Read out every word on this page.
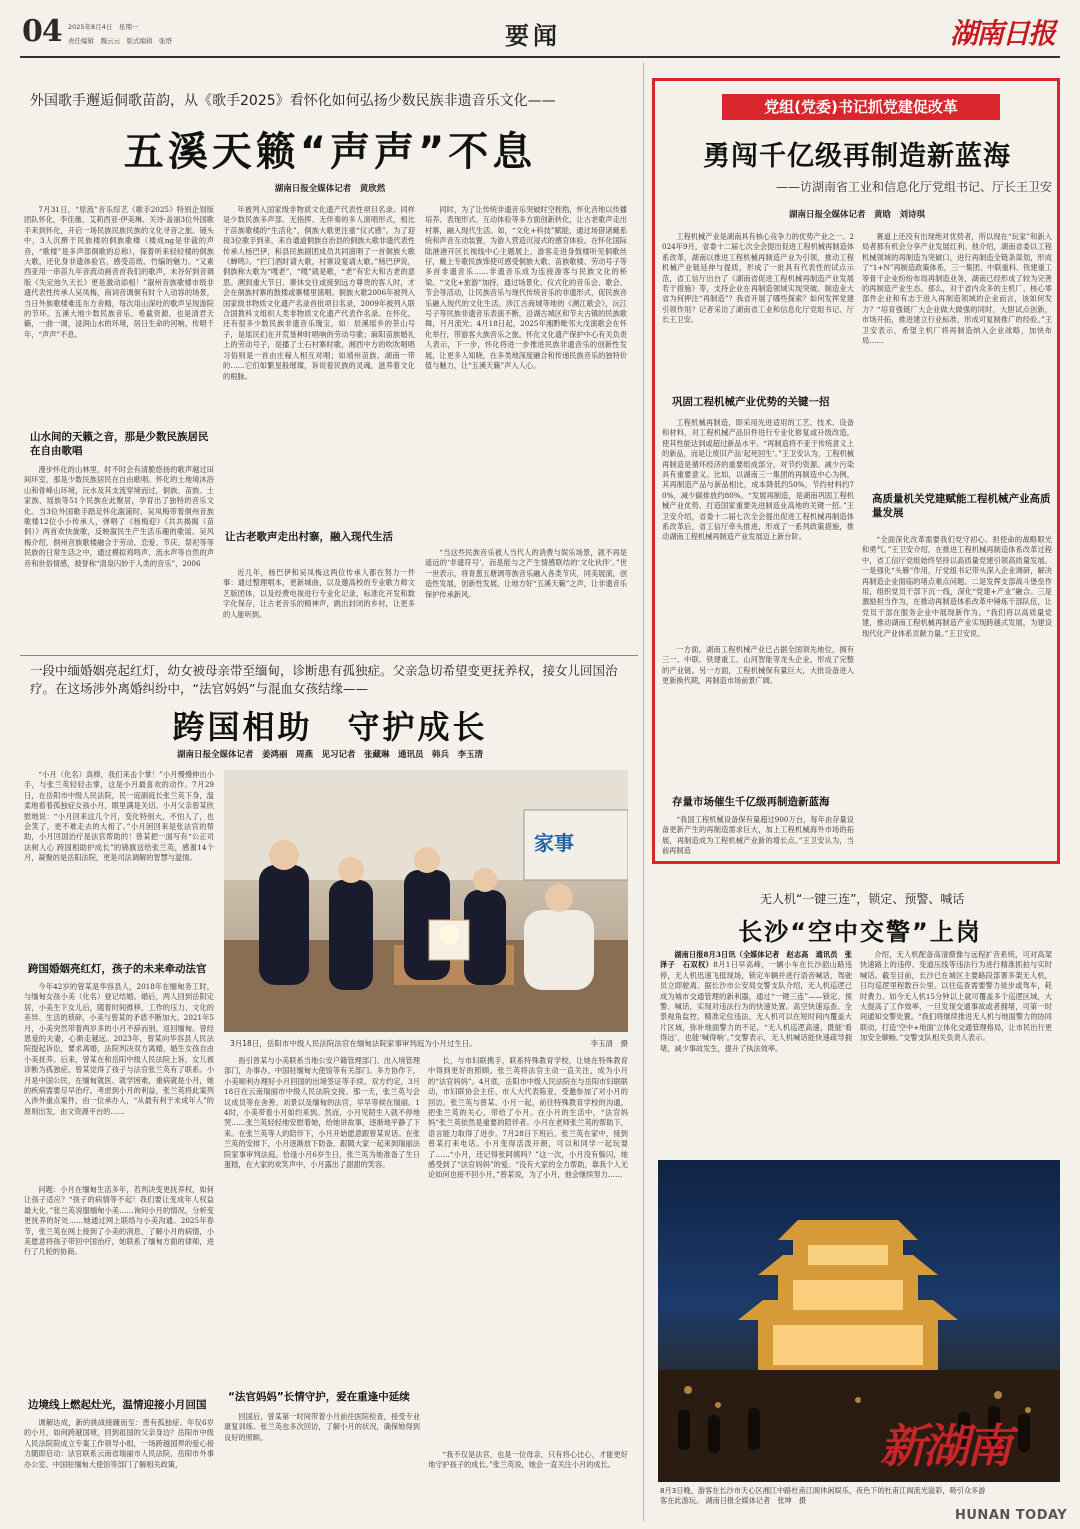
04 2025年8月4日　星期一
责任编辑　魏云云　版式编辑　张塔	要闻	湖南日报
外国歌手邂逅侗歌苗韵，从《歌手2025》看怀化如何弘扬少数民族非遗音乐文化——
五溪天籁“声声”不息
湖南日报全媒体记者　黄欣然

7月31日，“原流”音乐综艺《歌手2025》特别企划版团队怀化，李佳薇、艾莉西亚·伊美琳、关诗·盖丽3位外国歌手来到怀化，开启一场民族民族民族的文化寻音之旅。镜头中，3人沉醉于民族楼的侗族歌楼（楼成ng是非裁的声音，“歌楼”是多声部侗歌的总称），探着听来轻轻楼的侗族大歌，还化身非遗体验官，感受苗纸、竹编的魅力。“又素西亚用一串苗九年音流动画音首我们的歌声，未谷好到音调版《失定池久天长》更是激动添相！”溆州音族歌楼市级非遗代表性传承人吴凤梅，商词音调侗有时个人动容的场景，当日外族歌楼难连东方舍精，每次用山深吐的歌声呈现游院的节环。五溪大地少数民族音乐、希截资源，也是清君天籁，一曲一调，浸润山水的环境，居日生命的河响，传唱千年，“声声”不息。

山水间的天籁之音，那是少数民族居民在自由歌唱

漫步怀化的山林里，时不时会有清脆悠扬的歌声越过田间环室，那是少数民族居民在自由歌唱。怀化的土地境沐浴山和骨峰山环境，沅水及其支流穿境而过，侗族、苗族、土家族、瑶族等51个民族在此聚居，孕育出了独特的音乐文化。当3位外国歌手踏足怀化溆浦时，吴凤梅带着侗州音族歌楼12位小小传承人，弹唱了《杨梅迎》《共共揭揭（苗侗）》两首欢快旋歌，反映溆民生产生活乐趣的歌谣。吴风梅介绍，侗州音族歌楼融合于劳动、恋爱、节庆、祭祀等等民族的日常生活之中，通过模拟鸡鸣声、流水声等自然的声音和世俗情感，被誉称“清泉闪妙于人类的音乐”，2006

年被列入国家级非物质文化遗产代表性项目名录。同样是少数民族多声部、无指挥、无伴奏的多人演唱形式，相比于苗族歌楼的“生活化”，侗族大歌更注重“仪式感”。为了迎接3位歌手到来，来自通道侗族自治县的侗族大歌非遗代表性传承人杨巴伊，和县民族剧团成员共同演唱了一首侗族大歌《蝉鸣》。“拦门酒时请大歌，村寨设宴请大歌。”杨巴伊说，侗族称大歌为“嘎老”，“嘎”就是歌，“老”有宏大和古老的意思。溯到重大节日、寨休交往或接到远方尊贵的客人时，才会在侗族村寨的鼓楼或寨楼里演唱。侗族大歌2006年被列入国家级非物质文化遗产名录首批项目名录，2009年被列入联合国教科文组织人类非物质文化遗产代表作名录。在怀化，还有很多少数民族非遗音乐瑰宝，如：辰溪瑶乡的茶山号子，是瑶民们在开荒垦种时唱响的劳动号歌；麻阳苗族婚礼上的劳动号子，是播了土石村寨时歌，湘西中方的吹吹唱唱习俗则是一首由庄稼人相互对唱；如靖州苗族，湖南一带的……它们如繁星般璀璨，诉说着民族的灵魂，滋养着文化的根脉。

让古老歌声走出村寨，融入现代生活

近几年，杨巴伊和吴凤梅这两位传承人都在努力一件事：通过整理唱本，更新城曲，以及邀高校的专业歌力师文艺版团体，以及经费电视进行专业化记录，标准化开发和数字化保存，让古老音乐的精神声，跳出封闭的乡村，让更多的人能听到。

同时，为了让传统非遗音乐突破时空桎梏，怀化音地以传播培养、表现形式、互动体验等多方面创新转化，让古老歌声走出村寨，融入现代生活。如，“文化+科技”赋能，通过场借诸戴系统和声音互动装置，为游人营造沉浸式的感官体验。在怀化国际陆港港开区长视线中心主题展上，游客走进身鼓楼听见侗歌丝仔，戴上专歌民族饰使可感受侗族大歌、苗族歌楼、劳动号子等多首非遗音乐……非遗音乐成为连接游客与民族文化的桥梁。“文化+旅游”加持，通过场景化、仪式化的音乐会、歌会、节会等活动，让民族音乐与现代传统音乐的非遗形式，促民族音乐融入现代的文化生活。涉江古商城等地的《溯江歌会》，沅江号子等民族非遗音乐表演不断，沿湖古城区和节夫古镇的民族歌舞，月月流光；4月18日起，2025年湘黔毗邻大戊演歌会在怀化举行，带游客大族音乐之旅。怀化文化遗产保护中心有关负责人表示，下一步，怀化将进一步推进民族非遗音乐的创新性发展，让更多人知晓，在多类地深度融合和传递民族音乐的独特价值与魅力，让“五溪天籁”声入人心。

“当这些民族音乐被人当代人的消费与娱乐场景，就不再是遥远的‘非遗符号’，而是能与之产生情感联结的‘文化伙伴’。”世一世表示，将青葱五塘调等族音乐融入各类节庆，同美展演，创造性发展，创新性发展，让地方好“五溪天籁”之声，让非遗音乐保护传承新风。

一段中缅婚姻亮起红灯，幼女被母亲带至缅甸，诊断患有孤独症。父亲急切希望变更抚养权，接女儿回国治疗。在这场涉外离婚纠纷中，“法官妈妈”与混血女孩结缘——
跨国相助　守护成长
湖南日报全媒体记者　姜鸿丽　周燕　见习记者　张藏琳　通讯员　韩兵　李玉清

“小月（化名）真棒，我们来击个掌！”小月慢慢伸出小手，与张兰英轻轻击掌，这是小月最喜欢的动作。7月29日，在岳阳市中级人民法院，民一庭副庭长张兰英下身，温柔地看着孤独症女孩小月，眼里满是关切。小月父亲曾某欣慰地说：“小月回来这几个月，变化特别大，不怕人了，也会笑了，更不难走去的大相了。”小月困回来是张法官的帮助，小月回国治疗是法官帮助的！曾某把一面写有“公正司法树人心 跨国相助护成长”的锦旗送给张兰英，感谢14个月，凝聚的是岳阳法院，更是司法调解的智慧与温情。

跨国婚姻亮红灯，孩子的未来牵动法官

今年42岁的曾某是华容县人，2018年在缅甸务工时，与缅甸女孩小美（化名）登记结婚。婚后，两人回到岳阳定居，小美生下女儿后，随着时间推移，工作的压力、文化的差异、生活的琐碎，小美与曾某的矛盾不断加大。2021年5月，小美突然带着两岁多的小月不辞而别，返回缅甸。曾经恩爱的夫妻，心渐走越远。2023年，曾某向华容县人民法院提起诉讼，要求离婚，法院判决双方离婚，婚生女孩自由小美抚养。后来，曾某在和岳阳中级人民法院上诉，女儿被诊断为孤独症。曾某觉得了孩子与法官张兰英有了联系。小月是中国公民，在缅甸就医、就学困难，重病就是小月，她的疾病需要尽早治疗。考虑到小月的利益，张兰英将此案列入涉外重点案件，由一位承办人，“从最有利于未成年人”的原则出发，由文资源平台的……

问题：小月在缅甸生活多年，若判决变更抚养权，如何让孩子适应？“孩子的病情等不起！我们要让变成年人权益最大化，”张兰英说服缅甸小美……询问小月的情况，分析变更抚养的好处……她通过网上联络与小美沟通。2025年春节，张兰英在网上接到了小美的消息，了解小月的病情，小美愿意将孩子带回中国治疗，她联系了缅甸方面的律师，进行了几轮的协商。

边境线上燃起灶光，温情迎接小月回国

调解达成，新的挑战接踵而至：患有孤独症、年仅6岁的小月，如何跨越国境，回到祖国的父亲身边？岳阳市中级人民法院院成立专案工作领导小组，一场跨越国界的爱心接力随即启动：法官联系云南省瑞丽市人民法院，岳阳市外事办公室、中国驻缅甸大使馆等部门了解相关政策，

家事
3月18日，岳阳市中级人民法院法官在缅甸法院家事审判庭为小月过生日。	李玉清　摄

指引曾某与小美联系当地公安户籍管理部门、出入境管理部门，办事办、中国驻缅甸大使馆等有关部门。多方协作下，小美顺利办理好小月回国的出境签证等手续。双方约定，3月18日在云南瑞丽市中级人民法院交接。那一天，张兰英与会议成员等在舍善、刘景以及缅甸的法官，早早等候在瑞丽。14时，小美带着小月如约来到。然而，小月见陌生人就不停地哭……张兰英轻轻地安慰着她，给她讲故事，逐渐地平静了下来。在张兰英等人的陪伴下，小月开始愿意跟曾某说话。在张兰英的安排下，小月逐渐放下防备，跟随大家一起来到瑞丽法院家事审判法庭。恰逢小月6岁生日，张兰英为她准备了生日蛋糕，在大家的欢笑声中，小月露出了甜甜的笑容。

“法官妈妈”长情守护，爱在重逢中延续

回国后，曾某第一时间带着小月前往医院检查，接受专业康复训练。张兰英也多次回访，了解小月的状况，确保她得到良好的照顾。

长，与市妇联携手，联系特殊教育学校，让她在特殊教育中得到更好的照顾。张兰英将法官主动一直关注，成为小月的“法官妈妈”。4月底，岳阳市中级人民法院在与岳阳市妇联联动，市妇联协会主任、市人大代表陈亚，受邀参加了对小月的回访。张兰英与曾某、小月一起，前往特殊教育学校的沟通，把张兰英的关心，带给了小月。在小月的生活中，“法官妈妈”张兰英依然是重要的陪伴者。小月在老师张兰英的帮助下，语言能力取得了进步。7月28日下班后，张兰英在家中，接到曾某打来电话。小月变得活泼开朗，可以和同学一起玩耍了……“小月，还记得张阿姨吗？”这一次，小月没有躲闪，她感受到了“法官妈妈”的爱。“没有大家的全力帮助，靠我个人无论如何也接不回小月，”曾某说，为了小月，他会继续努力……

“我不仅是法官，也是一位母亲，只有将心比心，才能更好地守护孩子的成长。”张兰英说，她会一直关注小月的成长。

党组(党委)书记抓党建促改革
勇闯千亿级再制造新蓝海
——访湖南省工业和信息化厅党组书记、厅长王卫安
湖南日报全媒体记者　黄晗　刘诗琪

工程机械产业是湖南具有核心竞争力的优势产业之一。2024年9月，省委十二届七次全会提出促进工程机械再制造体系改革，湖南以推进工程机械再制造产业为引领，推动工程机械产业链延伸与提质，形成了一批具有代表性的试点示范，省工信厅出台了《湖南省促进工程机械再制造产业发展若干措施》等，支持企业在再制造领域实现突破。制造业大省为何押注“再制造”？我省开展了哪些探索？如何发挥党建引领作用？记者采访了湖南省工业和信息化厅党组书记、厅长王卫安。

巩固工程机械产业优势的关键一招

工程机械再制造，即采用先进适用的工艺、技术、设备和材料，对工程机械产品旧件进行专业化修复或升级改造，使其性能达到或超过新品水平。“再制造将不亚于传统意义上的新品，而是让废旧产品‘起死回生’。”王卫安认为，工程机械再制造是循环经济的重要组成部分，对节约资源、减少污染具有重要意义。比如，以湖南三一集团的再制造中心为例，其再制造产品与新品相比，成本降低约50%，节约材料约70%，减少碳排放约80%。“发展再制造，是湖南巩固工程机械产业优势、打造国家重要先进制造业高地的关键一招。”王卫安介绍，省委十二届七次全会提出促进工程机械再制造体系改革后，省工信厅牵头推进，形成了一系列政策措施，推动湖南工程机械再制造产业发展迈上新台阶。

一方面，湖南工程机械产业已占据全国领先地位，拥有三一、中联、铁建重工、山河智能等龙头企业，形成了完整的产业链。另一方面，工程机械保有量巨大，大批设备进入更新换代期，再制造市场前景广阔。

存量市场催生千亿级再制造新蓝海

“我国工程机械设备保有量超过900万台，每年由存量设备更新产生的再制造需求巨大，加上工程机械海外市场的拓展，再制造成为工程机械产业新的增长点。”王卫安认为，当前再制造

赛道上还没有出现绝对优势者，所以现在“玩家”和新入局者都有机会分享产业发展红利。他介绍，湖南省委以工程机械领域的再制造为突破口，进行再制造全链条谋划，形成了“1+N”再制造政策体系，三一集团、中联重科、铁建重工等骨干企业纷纷布局再制造业务，湖南已经形成了较为完善的再制造产业生态。那么，对于省内众多的主机厂、核心零部件企业和有志于进入再制造领域的企业而言，该如何发力？“培育强链厂大企业做大做强的同时，大胆试点创新，市场开拓，推进建立行业标准，形成可复制推广的经验。”王卫安表示，希望主机厂将再制造纳入企业战略，加快布局……

高质量机关党建赋能工程机械产业高质量发展

“全面深化改革需要我们党守初心、担使命的战略眼光和勇气。”王卫安介绍，在推进工程机械再制造体系改革过程中，省工信厅党组始终坚持以高质量党建引领高质量发展。一是强化“头雁”作用，厅党组书记带头深入企业调研，解决再制造企业面临的堵点难点问题。二是发挥支部战斗堡垒作用，组织党员干部下沉一线，深化“党建+产业”融合。三是激励担当作为，在推动再制造体系改革中锤炼干部队伍，让党员干部在服务企业中展现新作为。“我们将以高质量党建，推动湖南工程机械再制造产业实现跨越式发展，为建设现代化产业体系贡献力量。”王卫安说。

无人机“一键三连”，锁定、预警、喊话
长沙“空中交警”上岗

湖南日报8月3日讯（全媒体记者　赵志高　通讯员　张泽子　石双权）8月1日早高峰，一辆小车在长沙韶山路违停，无人机迅速飞抵现场，锁定车辆并进行语音喊话，驾驶员立即驶离。据长沙市公安局交警支队介绍，无人机巡逻已成为城市交通管理的新利器，通过“一键三连”——锁定、预警、喊话，实现对违法行为的快速处置。高空快速巡查、全景视角监控、精准定位违法，无人机可以在短时间内覆盖大片区域，弥补地面警力的不足。“无人机巡逻高速，既能‘看得远’，也能‘喊得响’。”交警表示，无人机喊话能快速疏导拥堵，减少事故发生，提升了执法效率。

介绍，无人机配备高清摄像与远程扩音系统，可对高架快速路上的违停、变道压线等违法行为进行精准抓拍与实时喊话。截至目前，长沙已在城区主要路段部署多架无人机，日均巡逻里程数百公里。以往巡查需要警力徒步或驾车，耗时费力。如今无人机15分钟以上就可覆盖多个巡逻区域，大大提高了工作效率，一旦发现交通事故或者拥堵，可第一时间通知交警处置。“我们将继续推进无人机与地面警力的协同联动，打造‘空中+地面’立体化交通管理格局，让市民出行更加安全顺畅。”交警支队相关负责人表示。

新湖南
8月3日晚，游客在长沙市天心区湘江中路杜甫江阁休闲娱乐，夜色下的杜甫江阁流光溢彩，吸引众多游客在此游玩。 湖南日报全媒体记者　张坤　摄
HUNAN TODAY
